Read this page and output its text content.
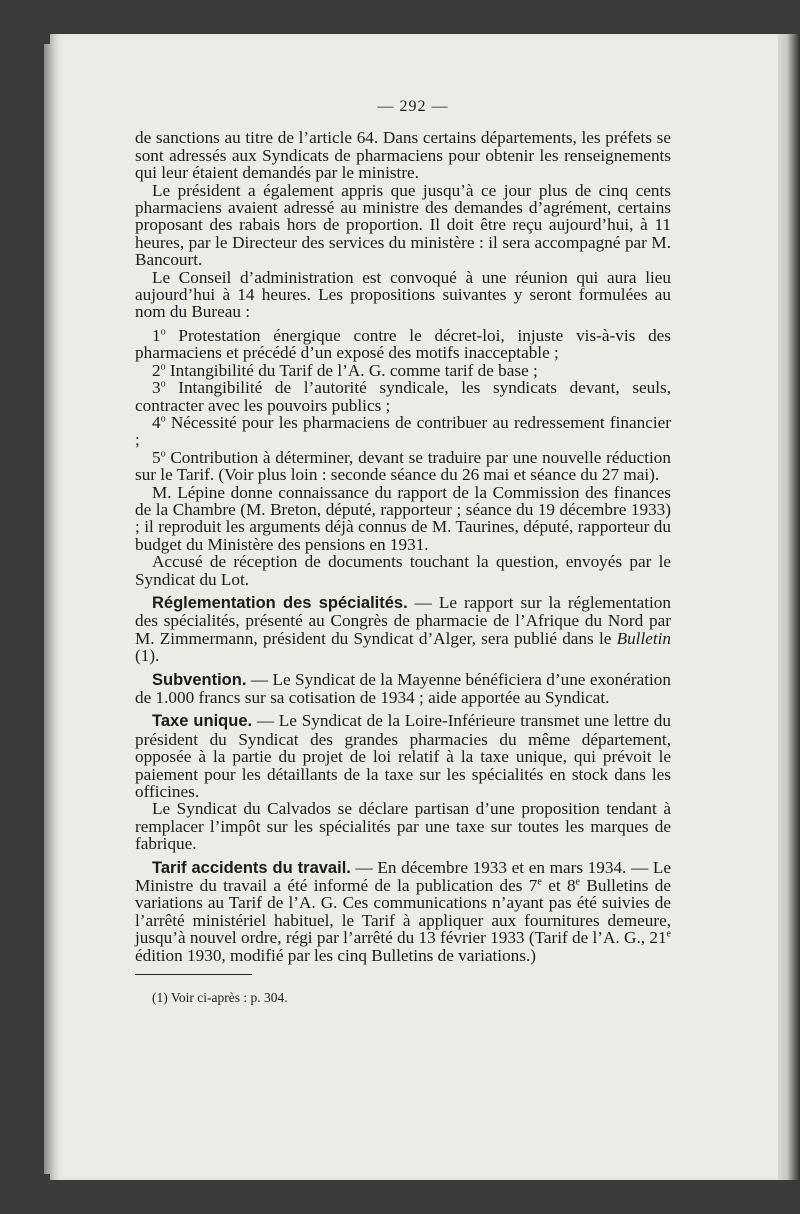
— 292 —

de sanctions au titre de l’article 64. Dans certains départements, les préfets se sont adressés aux Syndicats de pharmaciens pour obtenir les renseignements qui leur étaient demandés par le ministre.

Le président a également appris que jusqu’à ce jour plus de cinq cents pharmaciens avaient adressé au ministre des demandes d’agrément, certains proposant des rabais hors de proportion. Il doit être reçu aujourd’hui, à 11 heures, par le Directeur des services du ministère : il sera accompagné par M. Bancourt.

Le Conseil d’administration est convoqué à une réunion qui aura lieu aujourd’hui à 14 heures. Les propositions suivantes y seront formulées au nom du Bureau :

1$^o$ Protestation énergique contre le décret-loi, injuste vis-à-vis des pharmaciens et précédé d’un exposé des motifs inacceptable ;

2$^o$ Intangibilité du Tarif de l’A. G. comme tarif de base ;

3$^o$ Intangibilité de l’autorité syndicale, les syndicats devant, seuls, contracter avec les pouvoirs publics ;

4$^o$ Nécessité pour les pharmaciens de contribuer au redressement financier ;

5$^o$ Contribution à déterminer, devant se traduire par une nouvelle réduction sur le Tarif. (Voir plus loin : seconde séance du 26 mai et séance du 27 mai).

M. Lépine donne connaissance du rapport de la Commission des finances de la Chambre (M. Breton, député, rapporteur ; séance du 19 décembre 1933) ; il reproduit les arguments déjà connus de M. Taurines, député, rapporteur du budget du Ministère des pensions en 1931.

Accusé de réception de documents touchant la question, envoyés par le Syndicat du Lot.

Réglementation des spécialités. — Le rapport sur la réglementation des spécialités, présenté au Congrès de pharmacie de l’Afrique du Nord par M. Zimmermann, président du Syndicat d’Alger, sera publié dans le Bulletin (1).

Subvention. — Le Syndicat de la Mayenne bénéficiera d’une exonération de 1.000 francs sur sa cotisation de 1934 ; aide apportée au Syndicat.

Taxe unique. — Le Syndicat de la Loire-Inférieure transmet une lettre du président du Syndicat des grandes pharmacies du même département, opposée à la partie du projet de loi relatif à la taxe unique, qui prévoit le paiement pour les détaillants de la taxe sur les spécialités en stock dans les officines.

Le Syndicat du Calvados se déclare partisan d’une proposition tendant à remplacer l’impôt sur les spécialités par une taxe sur toutes les marques de fabrique.

Tarif accidents du travail. — En décembre 1933 et en mars 1934. — Le Ministre du travail a été informé de la publication des 7e et 8e Bulletins de variations au Tarif de l’A. G. Ces communications n’ayant pas été suivies de l’arrêté ministériel habituel, le Tarif à appliquer aux fournitures demeure, jusqu’à nouvel ordre, régi par l’arrêté du 13 février 1933 (Tarif de l’A. G., 21e édition 1930, modifié par les cinq Bulletins de variations.)

(1) Voir ci-après : p. 304.
